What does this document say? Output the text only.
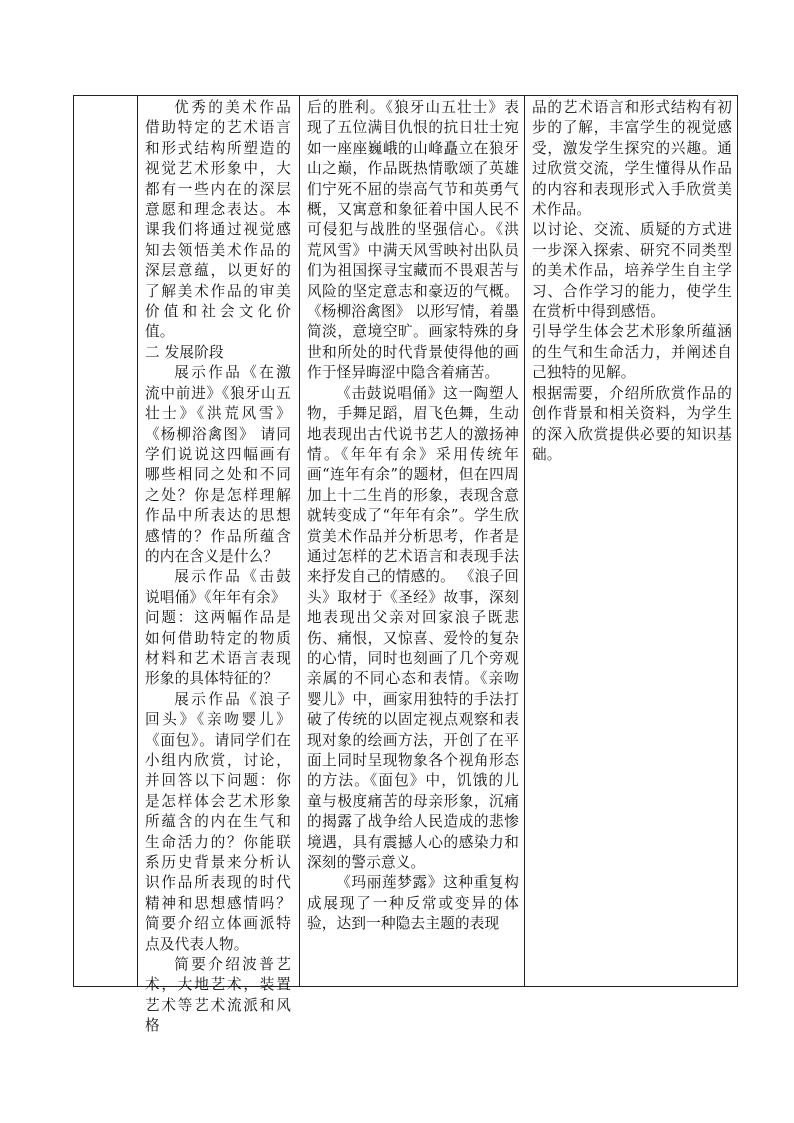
优秀的美术作品借助特定的艺术语言和形式结构所塑造的视觉艺术形象中，大都有一些内在的深层意愿和理念表达。本课我们将通过视觉感知去领悟美术作品的深层意蕴，以更好的了解美术作品的审美价值和社会文化价值。

二 发展阶段

展示作品《在激流中前进》《狼牙山五壮士》《洪荒风雪》《杨柳浴禽图》 请同学们说说这四幅画有哪些相同之处和不同之处？你是怎样理解作品中所表达的思想感情的？作品所蕴含的内在含义是什么？

展示作品《击鼓说唱俑》《年年有余》

问题：这两幅作品是如何借助特定的物质材料和艺术语言表现形象的具体特征的？

展示作品《浪子回头》《亲吻婴儿》《面包》。请同学们在小组内欣赏，讨论，并回答以下问题：你是怎样体会艺术形象所蕴含的内在生气和生命活力的？你能联系历史背景来分析认识作品所表现的时代精神和思想感情吗？ 简要介绍立体画派特点及代表人物。

简要介绍波普艺术，大地艺术，装置艺术等艺术流派和风格

后的胜利。《狼牙山五壮士》表现了五位满目仇恨的抗日壮士宛如一座座巍峨的山峰矗立在狼牙山之巅，作品既热情歌颂了英雄们宁死不屈的崇高气节和英勇气概，又寓意和象征着中国人民不可侵犯与战胜的坚强信心。《洪荒风雪》中满天风雪映衬出队员们为祖国探寻宝藏而不畏艰苦与风险的坚定意志和豪迈的气概。《杨柳浴禽图》 以形写情，着墨简淡，意境空旷。画家特殊的身世和所处的时代背景使得他的画作于怪异晦涩中隐含着痛苦。

《击鼓说唱俑》这一陶塑人物，手舞足蹈，眉飞色舞，生动地表现出古代说书艺人的激扬神情。《年年有余》采用传统年画“连年有余”的题材，但在四周加上十二生肖的形象，表现含意就转变成了“年年有余”。学生欣赏美术作品并分析思考，作者是通过怎样的艺术语言和表现手法来抒发自己的情感的。 《浪子回头》取材于《圣经》故事，深刻地表现出父亲对回家浪子既悲伤、痛恨，又惊喜、爱怜的复杂的心情，同时也刻画了几个旁观亲属的不同心态和表情。《亲吻婴儿》中，画家用独特的手法打破了传统的以固定视点观察和表现对象的绘画方法，开创了在平面上同时呈现物象各个视角形态的方法。《面包》中，饥饿的儿童与极度痛苦的母亲形象，沉痛的揭露了战争给人民造成的悲惨境遇，具有震撼人心的感染力和深刻的警示意义。

《玛丽莲梦露》这种重复构成展现了一种反常或变异的体验，达到一种隐去主题的表现

品的艺术语言和形式结构有初步的了解，丰富学生的视觉感受，激发学生探究的兴趣。通过欣赏交流，学生懂得从作品的内容和表现形式入手欣赏美术作品。

以讨论、交流、质疑的方式进一步深入探索、研究不同类型的美术作品，培养学生自主学习、合作学习的能力，使学生在赏析中得到感悟。

引导学生体会艺术形象所蕴涵的生气和生命活力，并阐述自己独特的见解。

根据需要，介绍所欣赏作品的创作背景和相关资料，为学生的深入欣赏提供必要的知识基础。
